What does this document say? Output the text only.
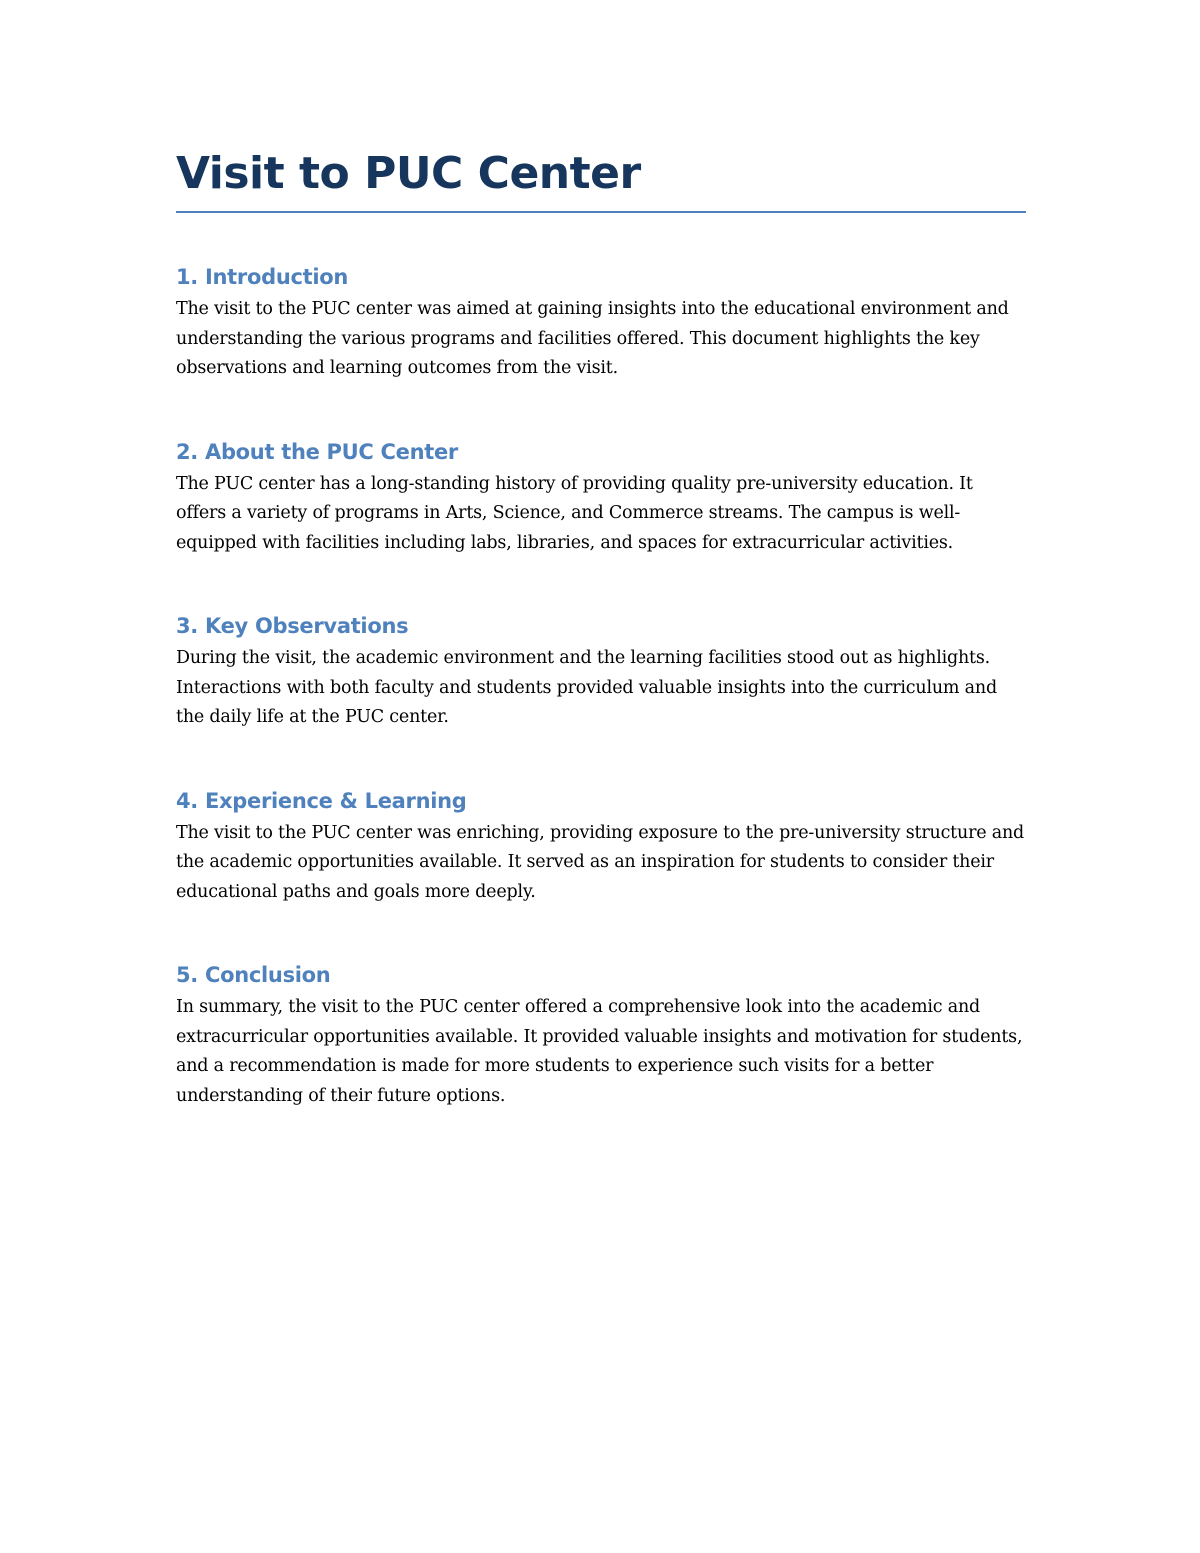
Visit to PUC Center
1. Introduction

The visit to the PUC center was aimed at gaining insights into the educational environment and understanding the various programs and facilities offered. This document highlights the key observations and learning outcomes from the visit.

2. About the PUC Center

The PUC center has a long-standing history of providing quality pre-university education. It offers a variety of programs in Arts, Science, and Commerce streams. The campus is well-equipped with facilities including labs, libraries, and spaces for extracurricular activities.

3. Key Observations

During the visit, the academic environment and the learning facilities stood out as highlights. Interactions with both faculty and students provided valuable insights into the curriculum and the daily life at the PUC center.

4. Experience & Learning

The visit to the PUC center was enriching, providing exposure to the pre-university structure and the academic opportunities available. It served as an inspiration for students to consider their educational paths and goals more deeply.

5. Conclusion

In summary, the visit to the PUC center offered a comprehensive look into the academic and extracurricular opportunities available. It provided valuable insights and motivation for students, and a recommendation is made for more students to experience such visits for a better understanding of their future options.
